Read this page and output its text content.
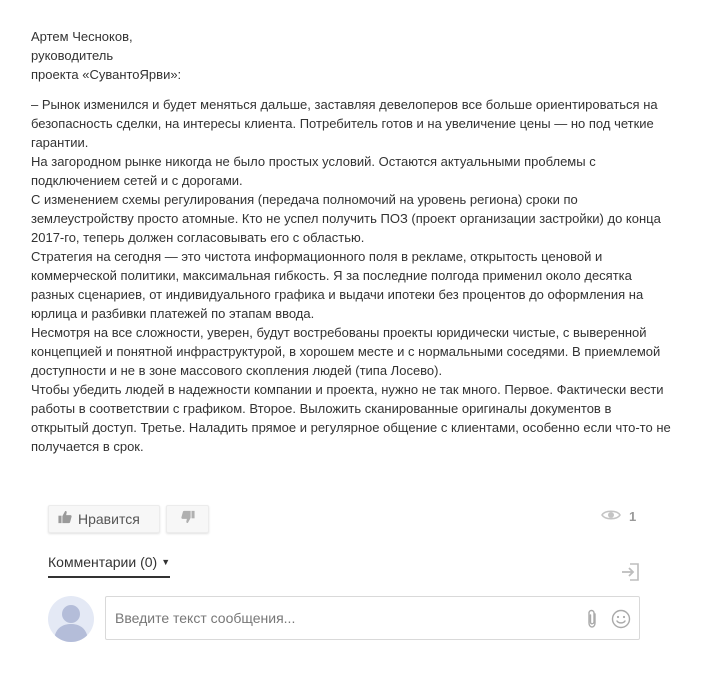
Артем Чесноков,
руководитель
проекта «СувантоЯрви»:

– Рынок изменился и будет меняться дальше, заставляя девелоперов все больше ориентироваться на безопасность сделки, на интересы клиента. Потребитель готов и на увеличение цены — но под четкие гарантии.

На загородном рынке никогда не было простых условий. Остаются актуальными проблемы с подключением сетей и с дорогами.

С изменением схемы регулирования (передача полномочий на уровень региона) сроки по землеустройству просто атомные. Кто не успел получить ПОЗ (проект организации застройки) до конца 2017-го, теперь должен согласовывать его с областью.

Стратегия на сегодня — это чистота информационного поля в рекламе, открытость ценовой и коммерческой политики, максимальная гибкость. Я за последние полгода применил около десятка разных сценариев, от индивидуального графика и выдачи ипотеки без процентов до оформления на юрлица и разбивки платежей по этапам ввода.

Несмотря на все сложности, уверен, будут востребованы проекты юридически чистые, с выверенной концепцией и понятной инфраструктурой, в хорошем месте и с нормальными соседями. В приемлемой доступности и не в зоне массового скопления людей (типа Лосево).

Чтобы убедить людей в надежности компании и проекта, нужно не так много. Первое. Фактически вести работы в соответствии с графиком. Второе. Выложить сканированные оригиналы документов в открытый доступ. Третье. Наладить прямое и регулярное общение с клиентами, особенно если что-то не получается в срок.

Нравится	1
Комментарии (0) ▼
Введите текст сообщения...
